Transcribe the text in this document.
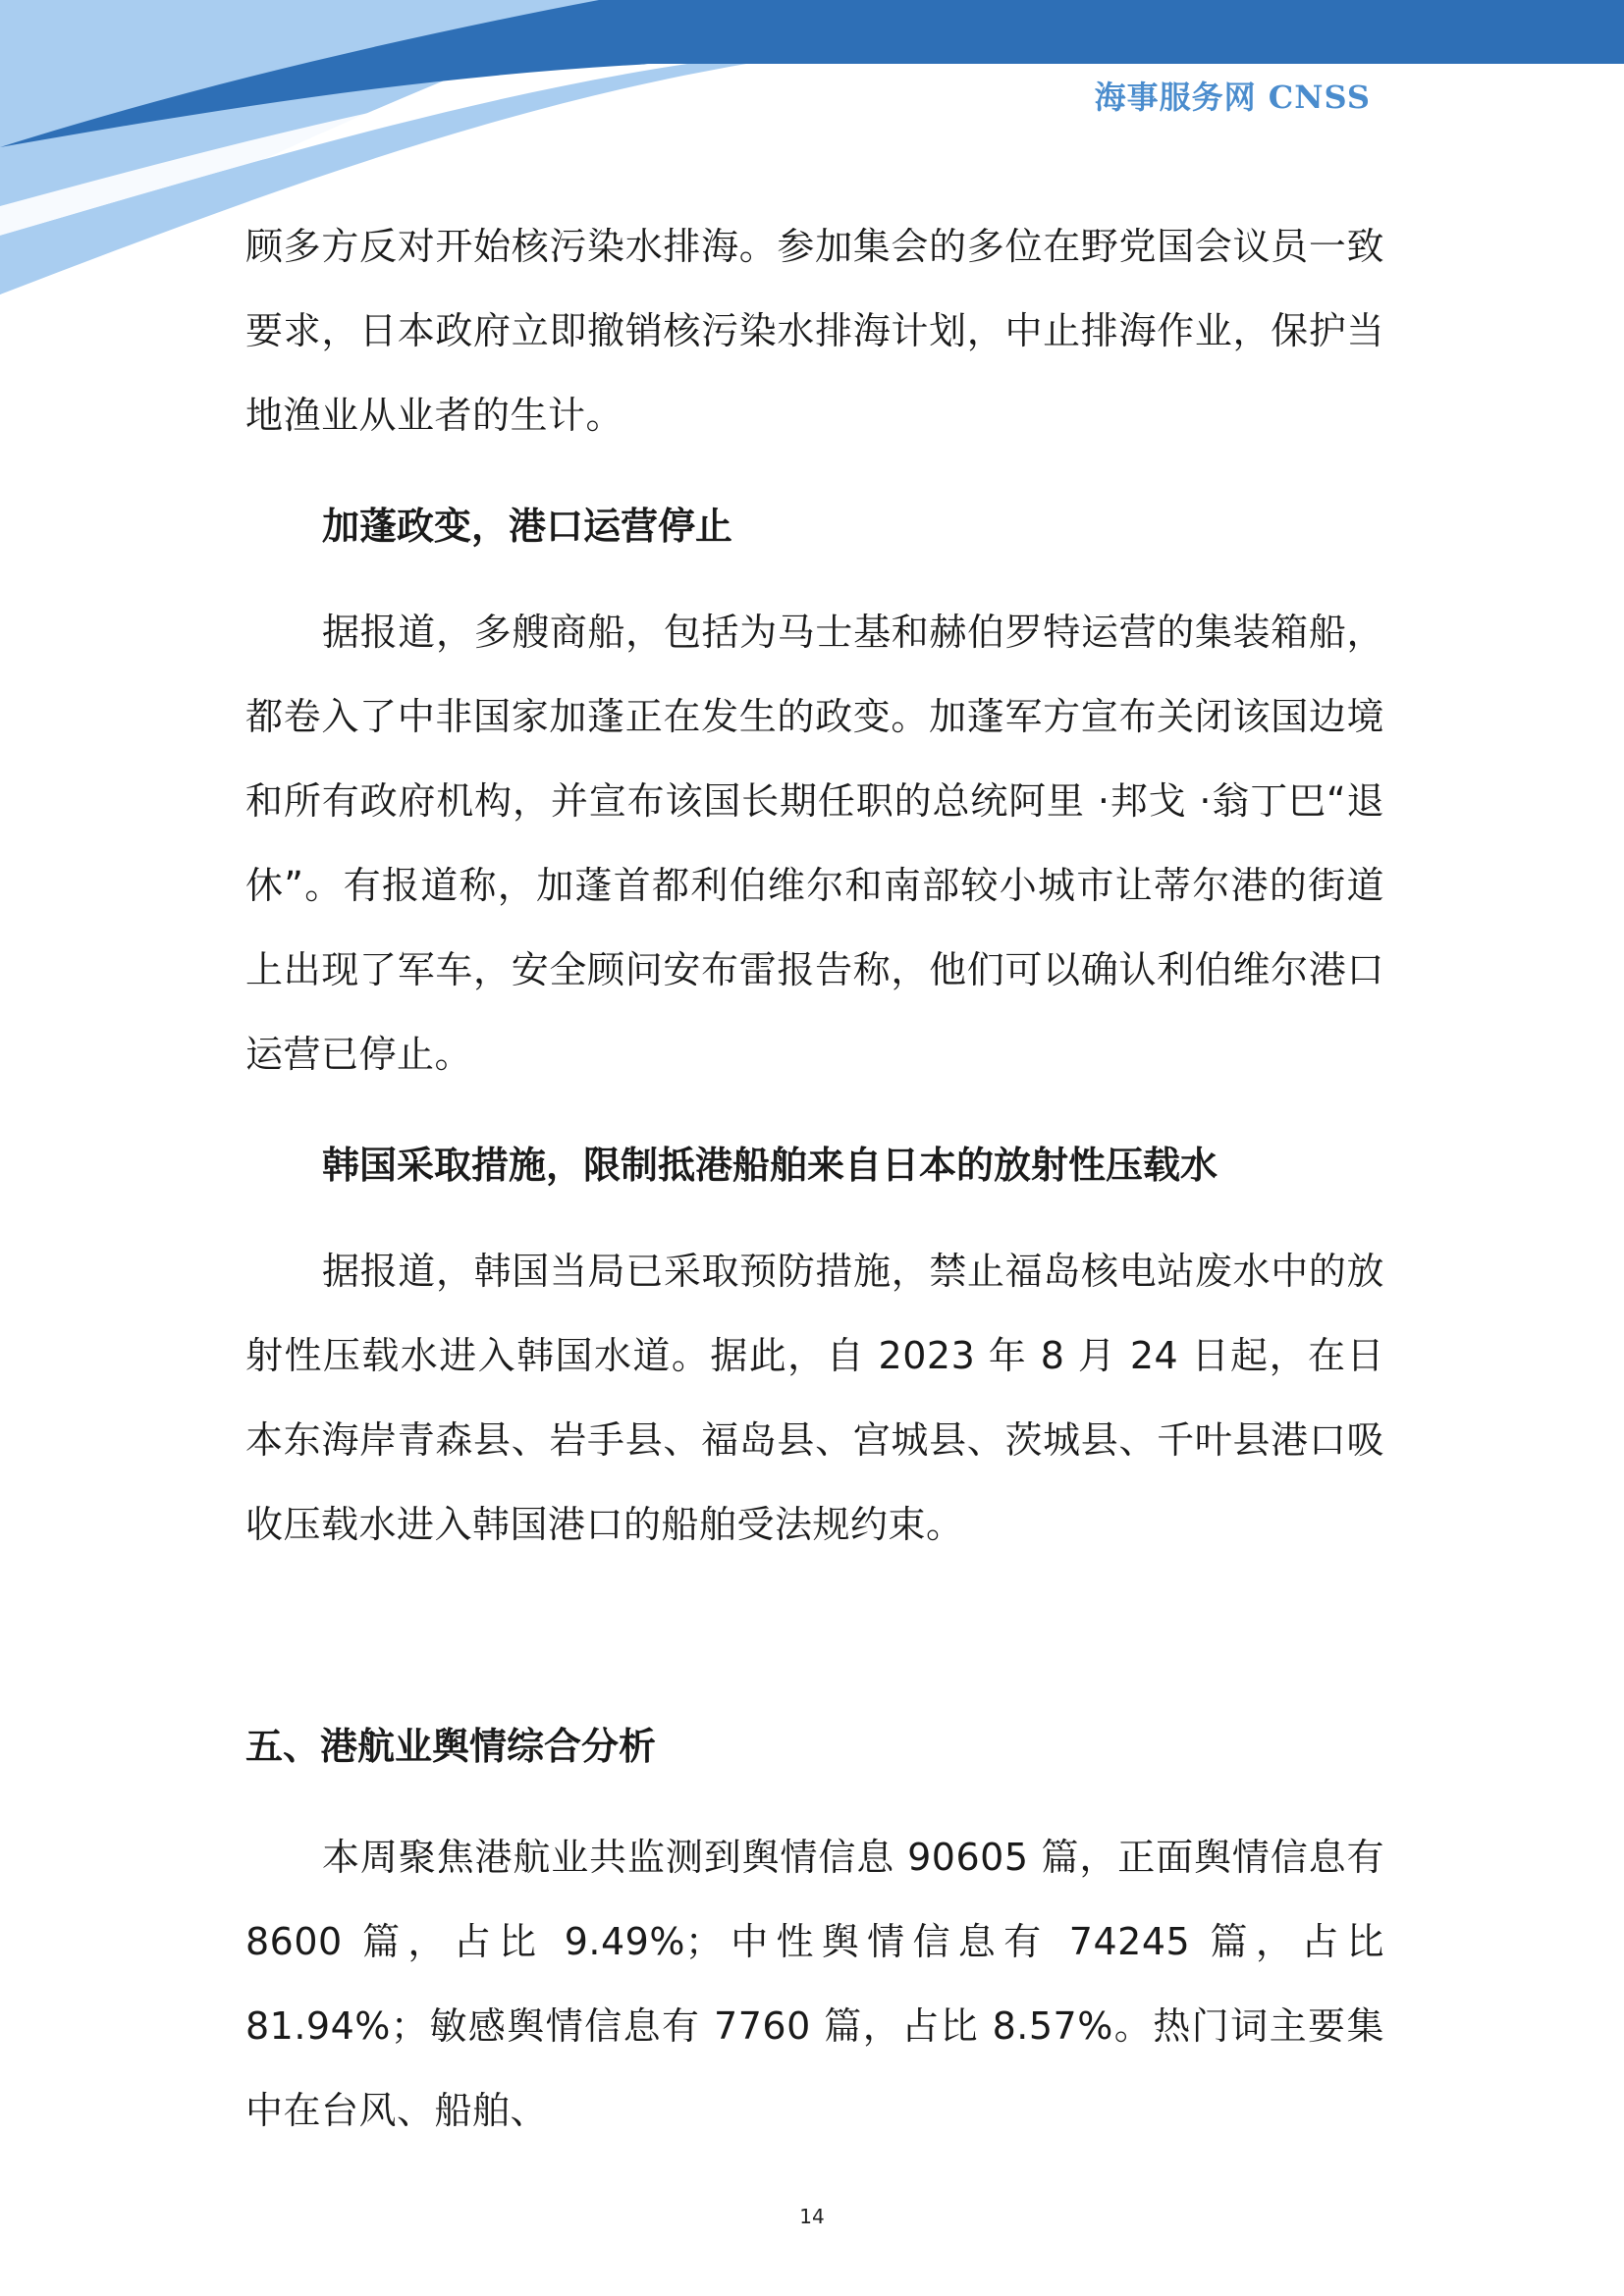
海事服务网 CNSS

顾多方反对开始核污染水排海。参加集会的多位在野党国会议员一致要求，日本政府立即撤销核污染水排海计划，中止排海作业，保护当地渔业从业者的生计。

加蓬政变，港口运营停止

据报道，多艘商船，包括为马士基和赫伯罗特运营的集装箱船，都卷入了中非国家加蓬正在发生的政变。加蓬军方宣布关闭该国边境和所有政府机构，并宣布该国长期任职的总统阿里 ·邦戈 ·翁丁巴“退休”。有报道称，加蓬首都利伯维尔和南部较小城市让蒂尔港的街道上出现了军车，安全顾问安布雷报告称，他们可以确认利伯维尔港口运营已停止。

韩国采取措施，限制抵港船舶来自日本的放射性压载水

据报道，韩国当局已采取预防措施，禁止福岛核电站废水中的放射性压载水进入韩国水道。据此，自 2023 年 8 月 24 日起，在日本东海岸青森县、岩手县、福岛县、宫城县、茨城县、千叶县港口吸收压载水进入韩国港口的船舶受法规约束。

五、港航业舆情综合分析

本周聚焦港航业共监测到舆情信息 90605 篇，正面舆情信息有8600 篇，占比 9.49%；中性舆情信息有 74245 篇，占比 81.94%；敏感舆情信息有 7760 篇，占比 8.57%。热门词主要集中在台风、船舶、

14
